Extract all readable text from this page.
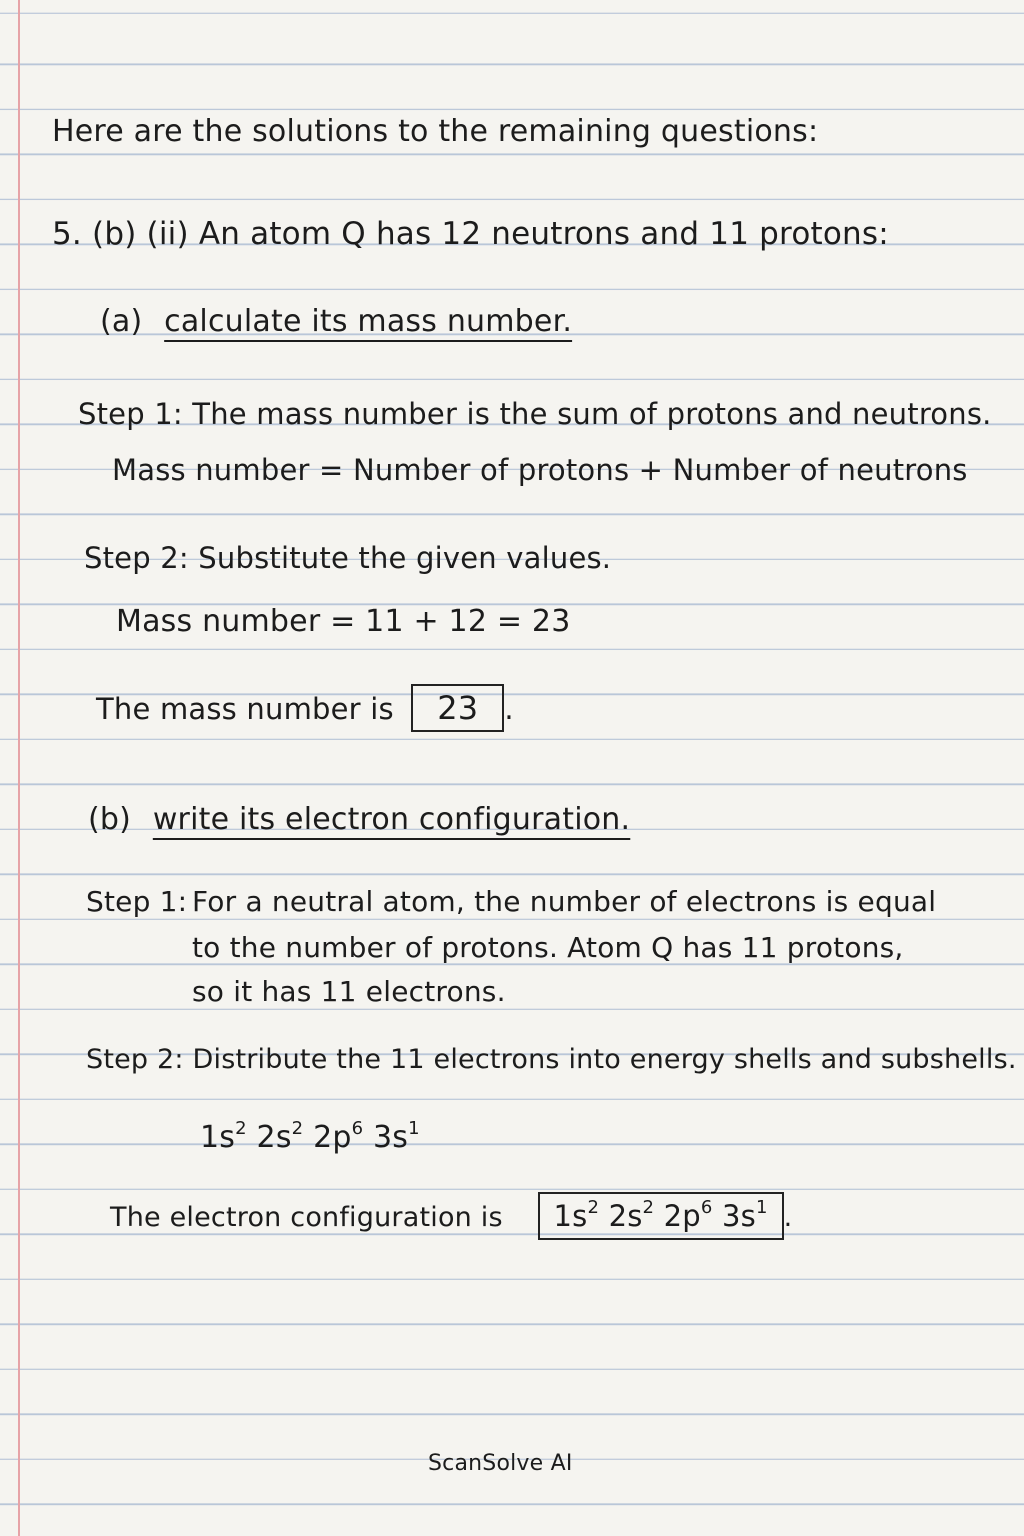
Here are the solutions to the remaining questions:
5. (b) (ii) An atom Q has 12 neutrons and 11 protons:
(a) calculate its mass number.
Step 1: The mass number is the sum of protons and neutrons.
Mass number = Number of protons + Number of neutrons
Step 2: Substitute the given values.
Mass number = 11 + 12 = 23
The mass number is 23 .
(b) write its electron configuration.
Step 1: For a neutral atom, the number of electrons is equal
to the number of protons. Atom Q has 11 protons,
so it has 11 electrons.
Step 2: Distribute the 11 electrons into energy shells and subshells.
$1s^2$ $2s^2$ $2p^6$ $3s^1$
The electron configuration is $1s^2$ $2s^2$ $2p^6$ $3s^1$ .
ScanSolve AI
